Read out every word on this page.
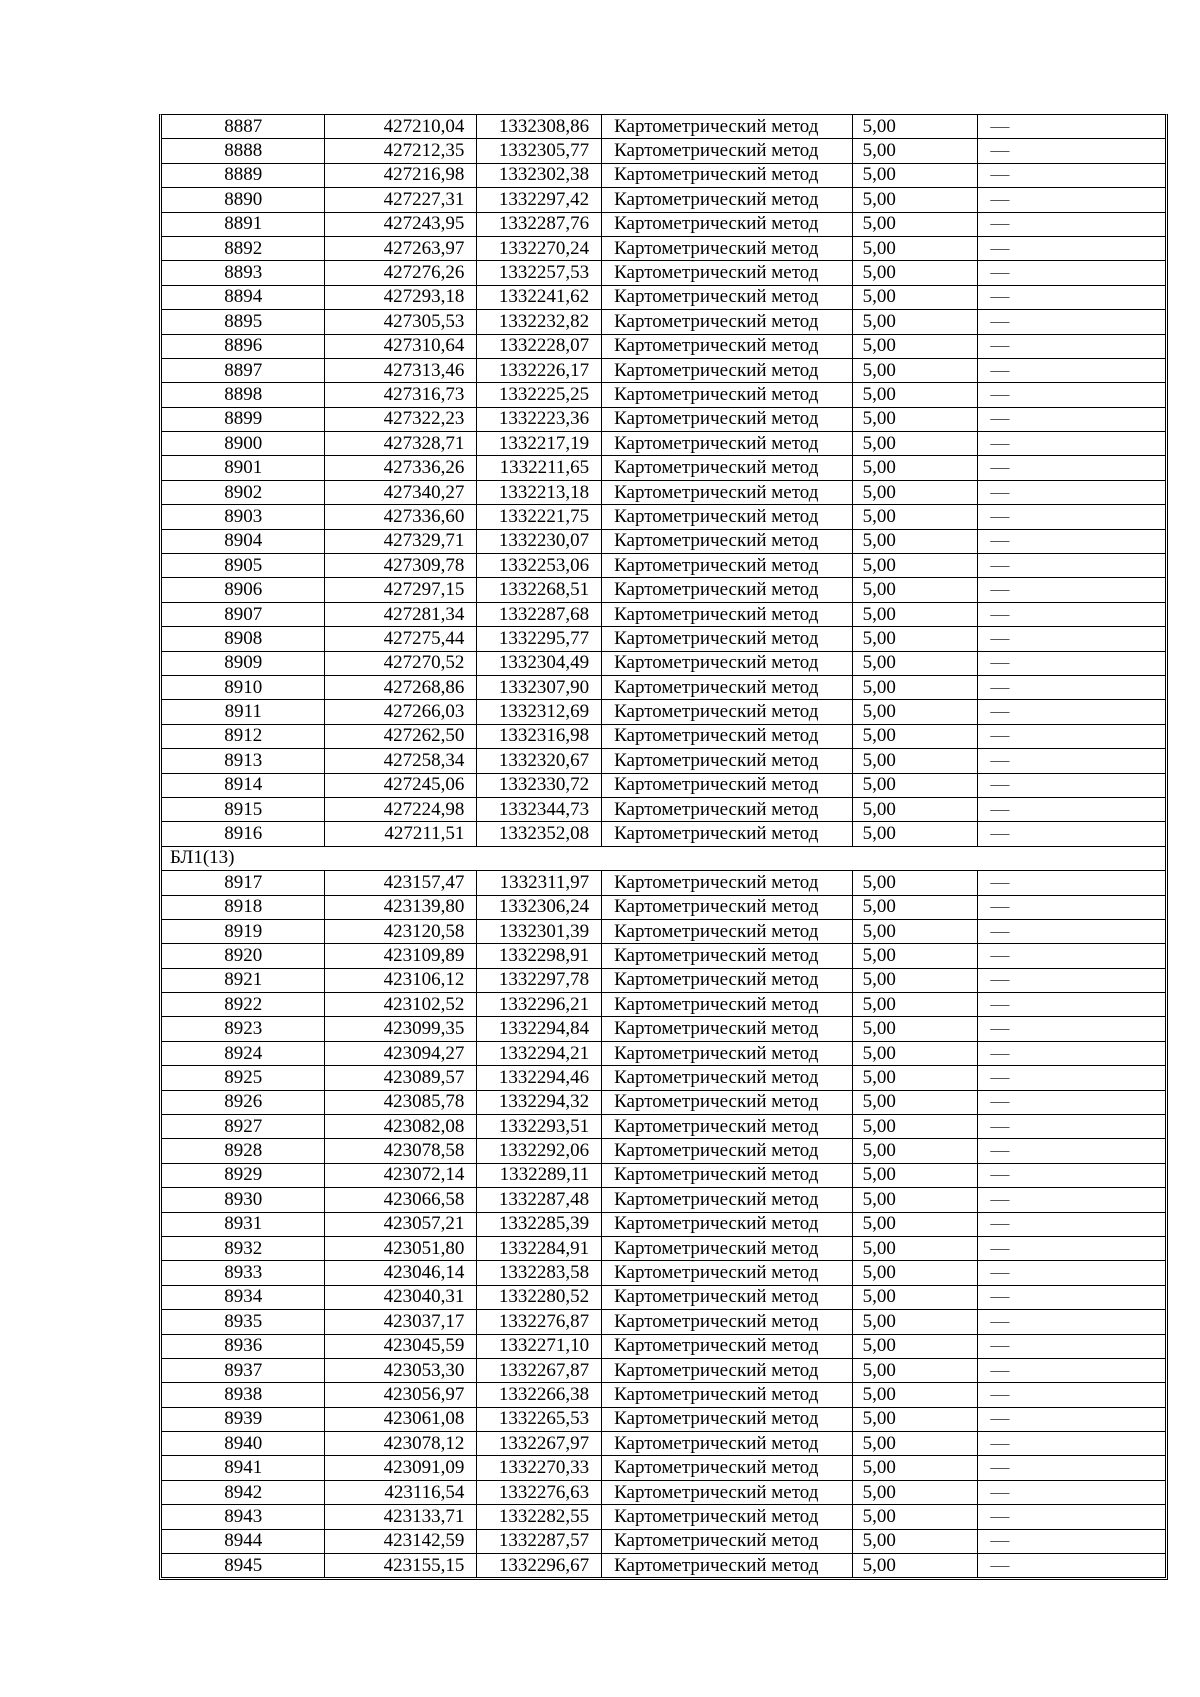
8887	427210,04	1332308,86	Картометрический метод	5,00	—
8888	427212,35	1332305,77	Картометрический метод	5,00	—
8889	427216,98	1332302,38	Картометрический метод	5,00	—
8890	427227,31	1332297,42	Картометрический метод	5,00	—
8891	427243,95	1332287,76	Картометрический метод	5,00	—
8892	427263,97	1332270,24	Картометрический метод	5,00	—
8893	427276,26	1332257,53	Картометрический метод	5,00	—
8894	427293,18	1332241,62	Картометрический метод	5,00	—
8895	427305,53	1332232,82	Картометрический метод	5,00	—
8896	427310,64	1332228,07	Картометрический метод	5,00	—
8897	427313,46	1332226,17	Картометрический метод	5,00	—
8898	427316,73	1332225,25	Картометрический метод	5,00	—
8899	427322,23	1332223,36	Картометрический метод	5,00	—
8900	427328,71	1332217,19	Картометрический метод	5,00	—
8901	427336,26	1332211,65	Картометрический метод	5,00	—
8902	427340,27	1332213,18	Картометрический метод	5,00	—
8903	427336,60	1332221,75	Картометрический метод	5,00	—
8904	427329,71	1332230,07	Картометрический метод	5,00	—
8905	427309,78	1332253,06	Картометрический метод	5,00	—
8906	427297,15	1332268,51	Картометрический метод	5,00	—
8907	427281,34	1332287,68	Картометрический метод	5,00	—
8908	427275,44	1332295,77	Картометрический метод	5,00	—
8909	427270,52	1332304,49	Картометрический метод	5,00	—
8910	427268,86	1332307,90	Картометрический метод	5,00	—
8911	427266,03	1332312,69	Картометрический метод	5,00	—
8912	427262,50	1332316,98	Картометрический метод	5,00	—
8913	427258,34	1332320,67	Картометрический метод	5,00	—
8914	427245,06	1332330,72	Картометрический метод	5,00	—
8915	427224,98	1332344,73	Картометрический метод	5,00	—
8916	427211,51	1332352,08	Картометрический метод	5,00	—
БЛ1(13)					
8917	423157,47	1332311,97	Картометрический метод	5,00	—
8918	423139,80	1332306,24	Картометрический метод	5,00	—
8919	423120,58	1332301,39	Картометрический метод	5,00	—
8920	423109,89	1332298,91	Картометрический метод	5,00	—
8921	423106,12	1332297,78	Картометрический метод	5,00	—
8922	423102,52	1332296,21	Картометрический метод	5,00	—
8923	423099,35	1332294,84	Картометрический метод	5,00	—
8924	423094,27	1332294,21	Картометрический метод	5,00	—
8925	423089,57	1332294,46	Картометрический метод	5,00	—
8926	423085,78	1332294,32	Картометрический метод	5,00	—
8927	423082,08	1332293,51	Картометрический метод	5,00	—
8928	423078,58	1332292,06	Картометрический метод	5,00	—
8929	423072,14	1332289,11	Картометрический метод	5,00	—
8930	423066,58	1332287,48	Картометрический метод	5,00	—
8931	423057,21	1332285,39	Картометрический метод	5,00	—
8932	423051,80	1332284,91	Картометрический метод	5,00	—
8933	423046,14	1332283,58	Картометрический метод	5,00	—
8934	423040,31	1332280,52	Картометрический метод	5,00	—
8935	423037,17	1332276,87	Картометрический метод	5,00	—
8936	423045,59	1332271,10	Картометрический метод	5,00	—
8937	423053,30	1332267,87	Картометрический метод	5,00	—
8938	423056,97	1332266,38	Картометрический метод	5,00	—
8939	423061,08	1332265,53	Картометрический метод	5,00	—
8940	423078,12	1332267,97	Картометрический метод	5,00	—
8941	423091,09	1332270,33	Картометрический метод	5,00	—
8942	423116,54	1332276,63	Картометрический метод	5,00	—
8943	423133,71	1332282,55	Картометрический метод	5,00	—
8944	423142,59	1332287,57	Картометрический метод	5,00	—
8945	423155,15	1332296,67	Картометрический метод	5,00	—
